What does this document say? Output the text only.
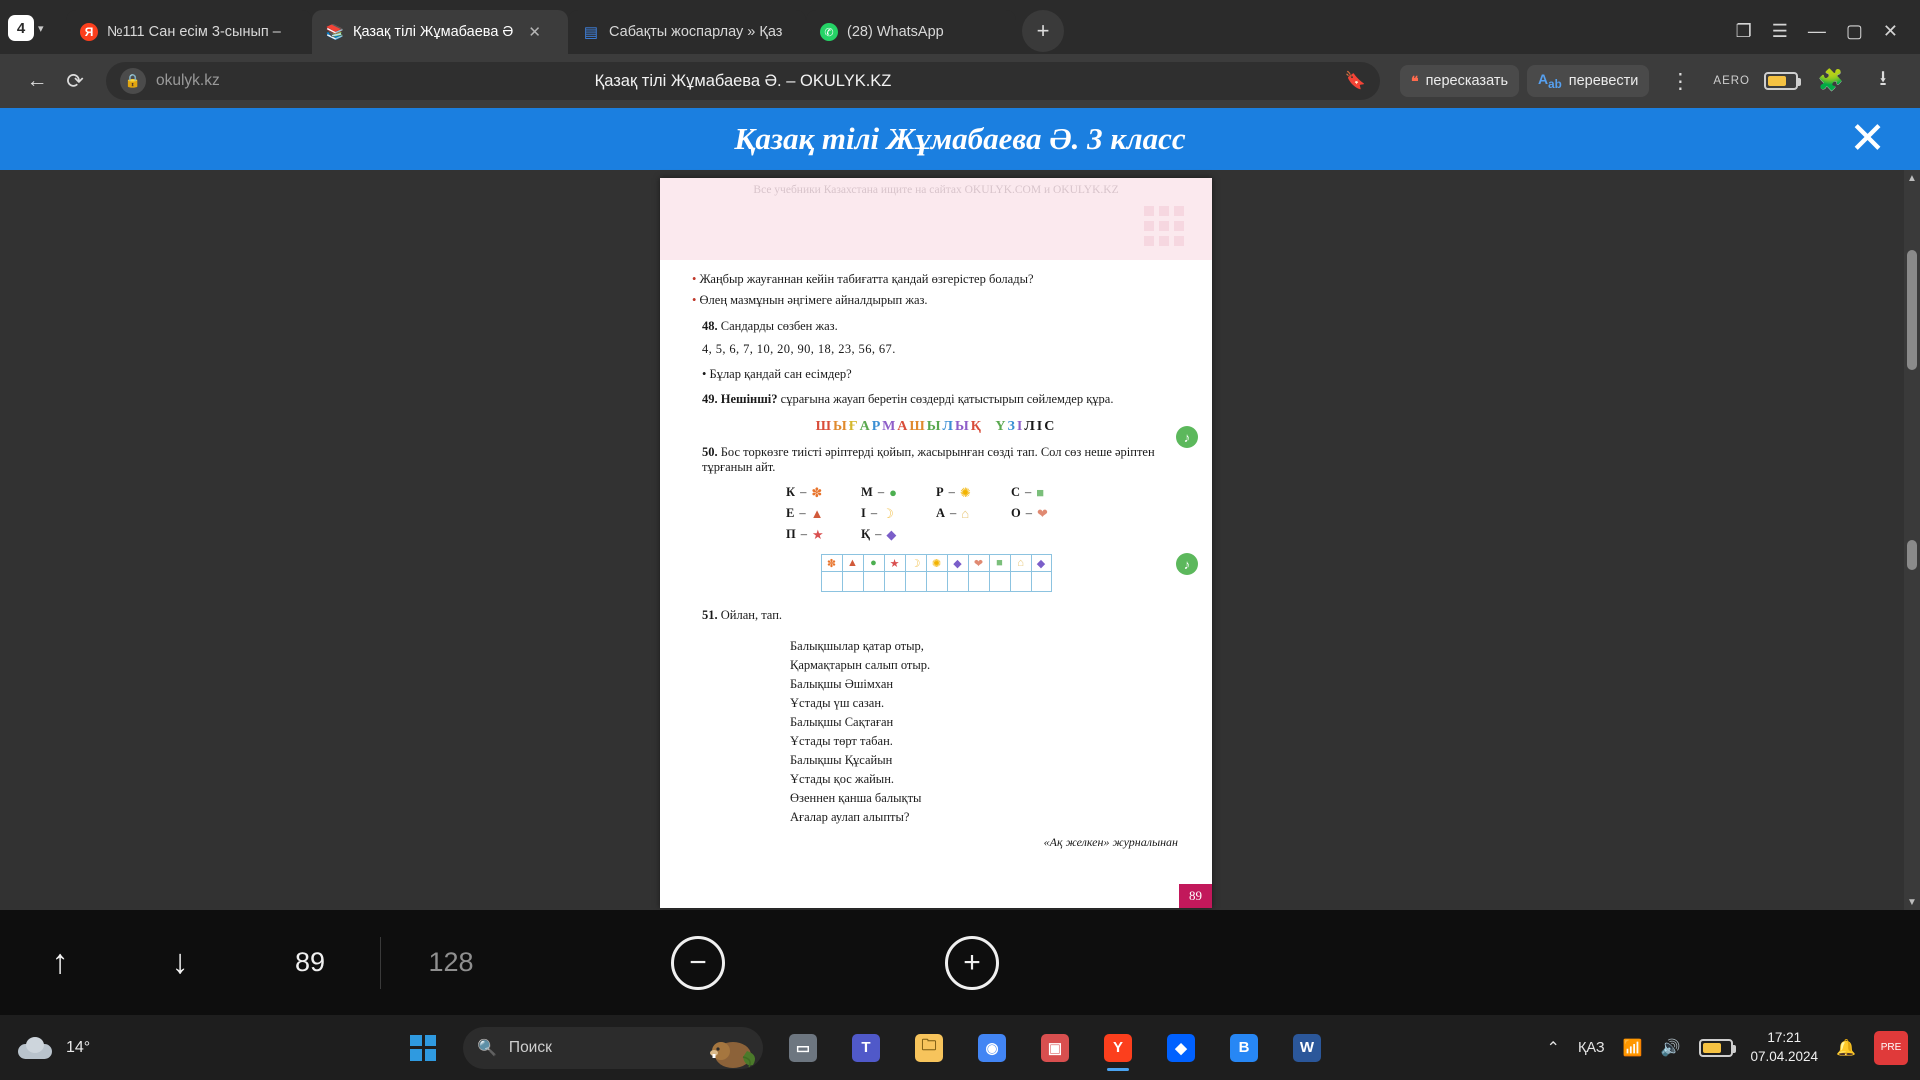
4	▾	Я №111 Сан есім 3-сынып –	📚 Қазақ тілі Жұмабаева Ә ✕	▤ Сабақты жоспарлау » Қаз	✆ (28) WhatsApp	+	❐ ☰ — ▢ ✕
← ⟳	🔒 okulyk.kz	Қазақ тілі Жұмабаева Ә. – OKULYK.KZ	🔖	❝ пересказать $A_{ab}$ перевести	⋮	AERO	🧩	⭳
Қазақ тілі Жұмабаева Ә. 3 класс	✕
Все учебники Казахстана ищите на сайтах OKULYK.COM и OKULYK.KZ

• Жаңбыр жауғаннан кейін табиғатта қандай өзгерістер болады?

• Өлең мазмұнын әңгімеге айналдырып жаз.

48. Сандарды сөзбен жаз.

4, 5, 6, 7, 10, 20, 90, 18, 23, 56, 67.

• Бұлар қандай сан есімдер?

49. Нешінші? сұрағына жауап беретін сөздерді қатыстырып сөйлемдер құра.

ШЫҒАРМАШЫЛЫҚ ҮЗІЛІС

50. Бос торкөзге тиісті әріптерді қойып, жасырынған сөзді тап. Сол сөз неше әріптен тұрғанын айт.

К – ✽	М – ●	Р – ✺	С – ■
Е – ▲	І – ☽	А – ⌂	О – ❤
П – ★	Қ – ◆
✽ ▲	●	★	☽	✺	◆	❤	■	⌂	◆

51. Ойлан, тап.

Балықшылар қатар отыр,
Қармақтарын салып отыр.
Балықшы Әшімхан
Ұстады үш сазан.
Балықшы Сақтаған
Ұстады төрт табан.
Балықшы Құсайын
Ұстады қос жайын.
Өзеннен қанша балықты
Ағалар аулап алыпты?
«Ақ желкен» журналынан
♪
♪
89
▲
▼
↑	↓	89	128	−	+
14°	🔍 Поиск	▭	T	🗀	◉	▣	Y	◆	B	W	⌃ ҚАЗ 📶 🔊
17:21
07.04.2024 🔔	PRE
